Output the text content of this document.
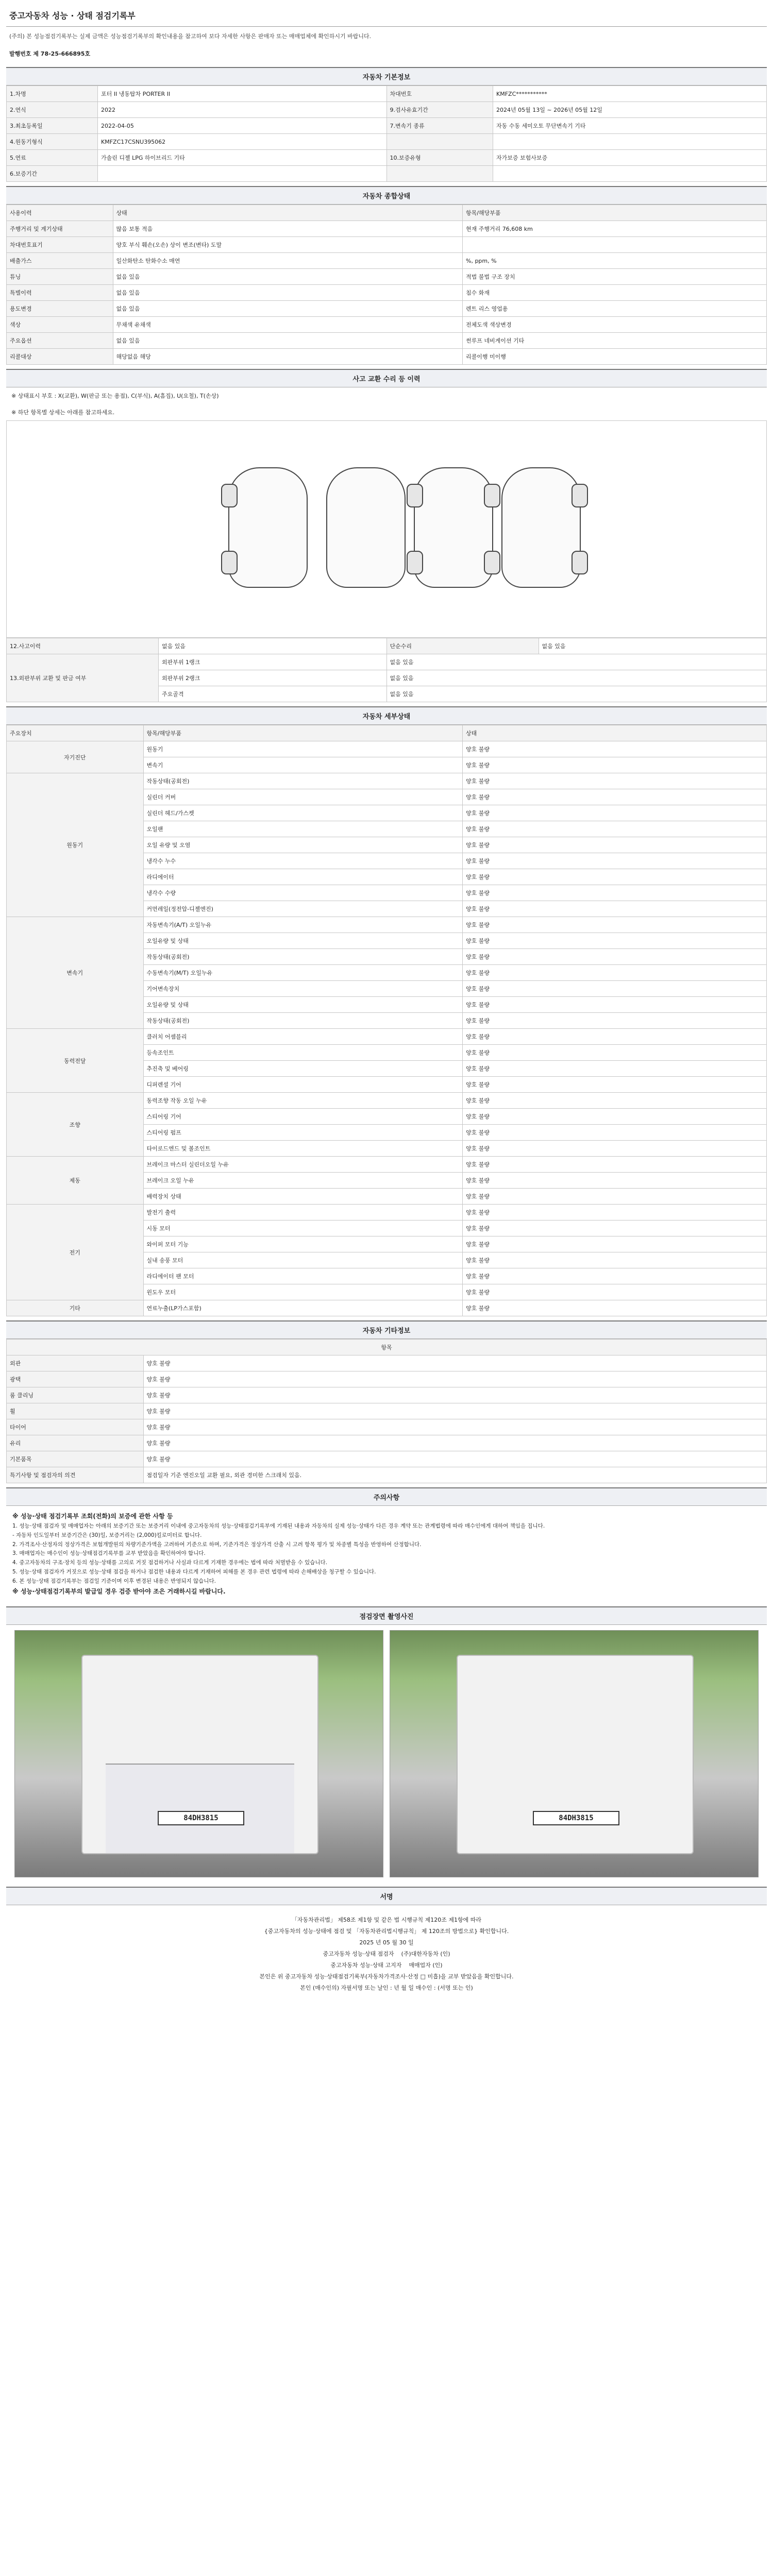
중고자동차 성능 · 상태 점검기록부
(주의) 본 성능점검기록부는 실제 금액은 성능점검기록부의 확인내용을 참고하여 보다 자세한 사항은 판매자 또는 매매업체에 확인하시기 바랍니다.
발행번호 제 78-25-666895호
자동차 기본정보
1.차명	포터 II 냉동탑차 PORTER II	차대번호	KMFZC***********
2.연식	2022	9.검사유효기간	2024년 05월 13일 ~ 2026년 05월 12일
3.최초등록일	2022-04-05	7.변속기 종류	자동 수동 세미오토 무단변속기 기타
4.원동기형식	KMFZC17CSNU395062		
5.연료	가솔린 디젤 LPG 하이브리드 기타	10.보증유형	자가보증 보험사보증
6.보증기간			
자동차 종합상태
사용이력	상태	항목/해당부품
주행거리 및 계기상태	많음 보통 적음	현재 주행거리 76,608 km
차대번호표기	양호 부식 훼손(오손) 상이 변조(변타) 도말	
배출가스	일산화탄소 탄화수소 매연	%, ppm, %
튜닝	없음 있음	적법 불법 구조 장치
특별이력	없음 있음	침수 화재
용도변경	없음 있음	렌트 리스 영업용
색상	무채색 유채색	전체도색 색상변경
주요옵션	없음 있음	썬루프 네비게이션 기타
리콜대상	해당없음 해당	리콜이행 미이행
사고 교환 수리 등 이력
※ 상태표시 부호 : X(교환), W(판금 또는 용접), C(부식), A(흠집), U(요철), T(손상)
※ 하단 항목별 상세는 아래를 참고하세요.
12.사고이력	없음 있음	단순수리	없음 있음
13.외판부위 교환 및 판금 여부	외판부위 1랭크	없음 있음	
	외판부위 2랭크	없음 있음	
	주요골격	없음 있음	
자동차 세부상태
주요장치	항목/해당부품	상태
자기진단	원동기	양호 불량
	변속기	양호 불량
원동기	작동상태(공회전)	양호 불량
	실린더 커버	양호 불량
	실린더 헤드/가스켓	양호 불량
	오일팬	양호 불량
	오일 유량 및 오염	양호 불량
	냉각수 누수	양호 불량
	라디에이터	양호 불량
	냉각수 수량	양호 불량
	커먼레일(정전압-디젤엔진)	양호 불량
변속기	자동변속기(A/T) 오일누유	양호 불량
	오일유량 및 상태	양호 불량
	작동상태(공회전)	양호 불량
	수동변속기(M/T) 오일누유	양호 불량
	기어변속장치	양호 불량
	오일유량 및 상태	양호 불량
	작동상태(공회전)	양호 불량
동력전달	클러치 어셈블리	양호 불량
	등속조인트	양호 불량
	추진축 및 베어링	양호 불량
	디퍼렌셜 기어	양호 불량
조향	동력조향 작동 오일 누유	양호 불량
	스티어링 기어	양호 불량
	스티어링 펌프	양호 불량
	타이로드엔드 및 볼조인트	양호 불량
제동	브레이크 마스터 실린더오일 누유	양호 불량
	브레이크 오일 누유	양호 불량
	배력장치 상태	양호 불량
전기	발전기 출력	양호 불량
	시동 모터	양호 불량
	와이퍼 모터 기능	양호 불량
	실내 송풍 모터	양호 불량
	라디에이터 팬 모터	양호 불량
	윈도우 모터	양호 불량
기타	연료누출(LP가스포함)	양호 불량
자동차 기타정보
항목	
외관	양호 불량
광택	양호 불량
룸 클리닝	양호 불량
휠	양호 불량
타이어	양호 불량
유리	양호 불량
기본품목	양호 불량
특기사항 및 점검자의 의견	점검일자 기준 엔진오일 교환 필요, 외관 경미한 스크래치 있음.
주의사항
※ 성능·상태 점검기록부 조회(전화)의 보증에 관한 사항 등
1. 성능·상태 점검자 및 매매업자는 아래의 보증기간 또는 보증거리 이내에 중고자동차의 성능·상태점검기록부에 기재된 내용과 자동차의 실제 성능·상태가 다른 경우 계약 또는 관계법령에 따라 매수인에게 대하여 책임을 집니다.
- 자동차 인도일부터 보증기간은 (30)일, 보증거리는 (2,000)킬로미터로 합니다.
2. 가격조사·산정자의 정상가격은 보험개발원의 차량기준가액을 고려하여 기준으로 하며, 기준가격은 정상가격 산출 시 고려 항목 평가 및 차종별 특성을 반영하여 산정합니다.
3. 매매업자는 매수인이 성능·상태점검기록부를 교부 받았음을 확인하여야 합니다.
4. 중고자동차의 구조·장치 등의 성능·상태를 고의로 거짓 점검하거나 사실과 다르게 기재한 경우에는 법에 따라 처벌받을 수 있습니다.
5. 성능·상태 점검자가 거짓으로 성능·상태 점검을 하거나 점검한 내용과 다르게 기재하여 피해를 본 경우 관련 법령에 따라 손해배상을 청구할 수 있습니다.
6. 본 성능·상태 점검기록부는 점검일 기준이며 이후 변경된 내용은 반영되지 않습니다.
※ 성능·상태점검기록부의 발급일 경우 검증 받아야 조은 거래하시길 바랍니다.
점검장면 촬영사진
84DH3815	84DH3815
서명
「자동차관리법」 제58조 제1항 및 같은 법 시행규칙 제120조 제1항에 따라
{중고자동차의 성능·상태에 점검 및 「자동차관리법시행규칙」 제 120조의 방법으로} 확인합니다.
2025 년 05 월 30 일
중고자동차 성능·상태 점검자 (주)대한자동차 (인)
중고자동차 성능·상태 고지자 매매업자 (인)
본인은 위 중고자동차 성능·상태점검기록부(자동차가격조사·산정 □ 미흡)을 교부 받았음을 확인합니다.
본인 (매수인의) 자필서명 또는 날인 : 년 월 일 매수인 : (서명 또는 인)
